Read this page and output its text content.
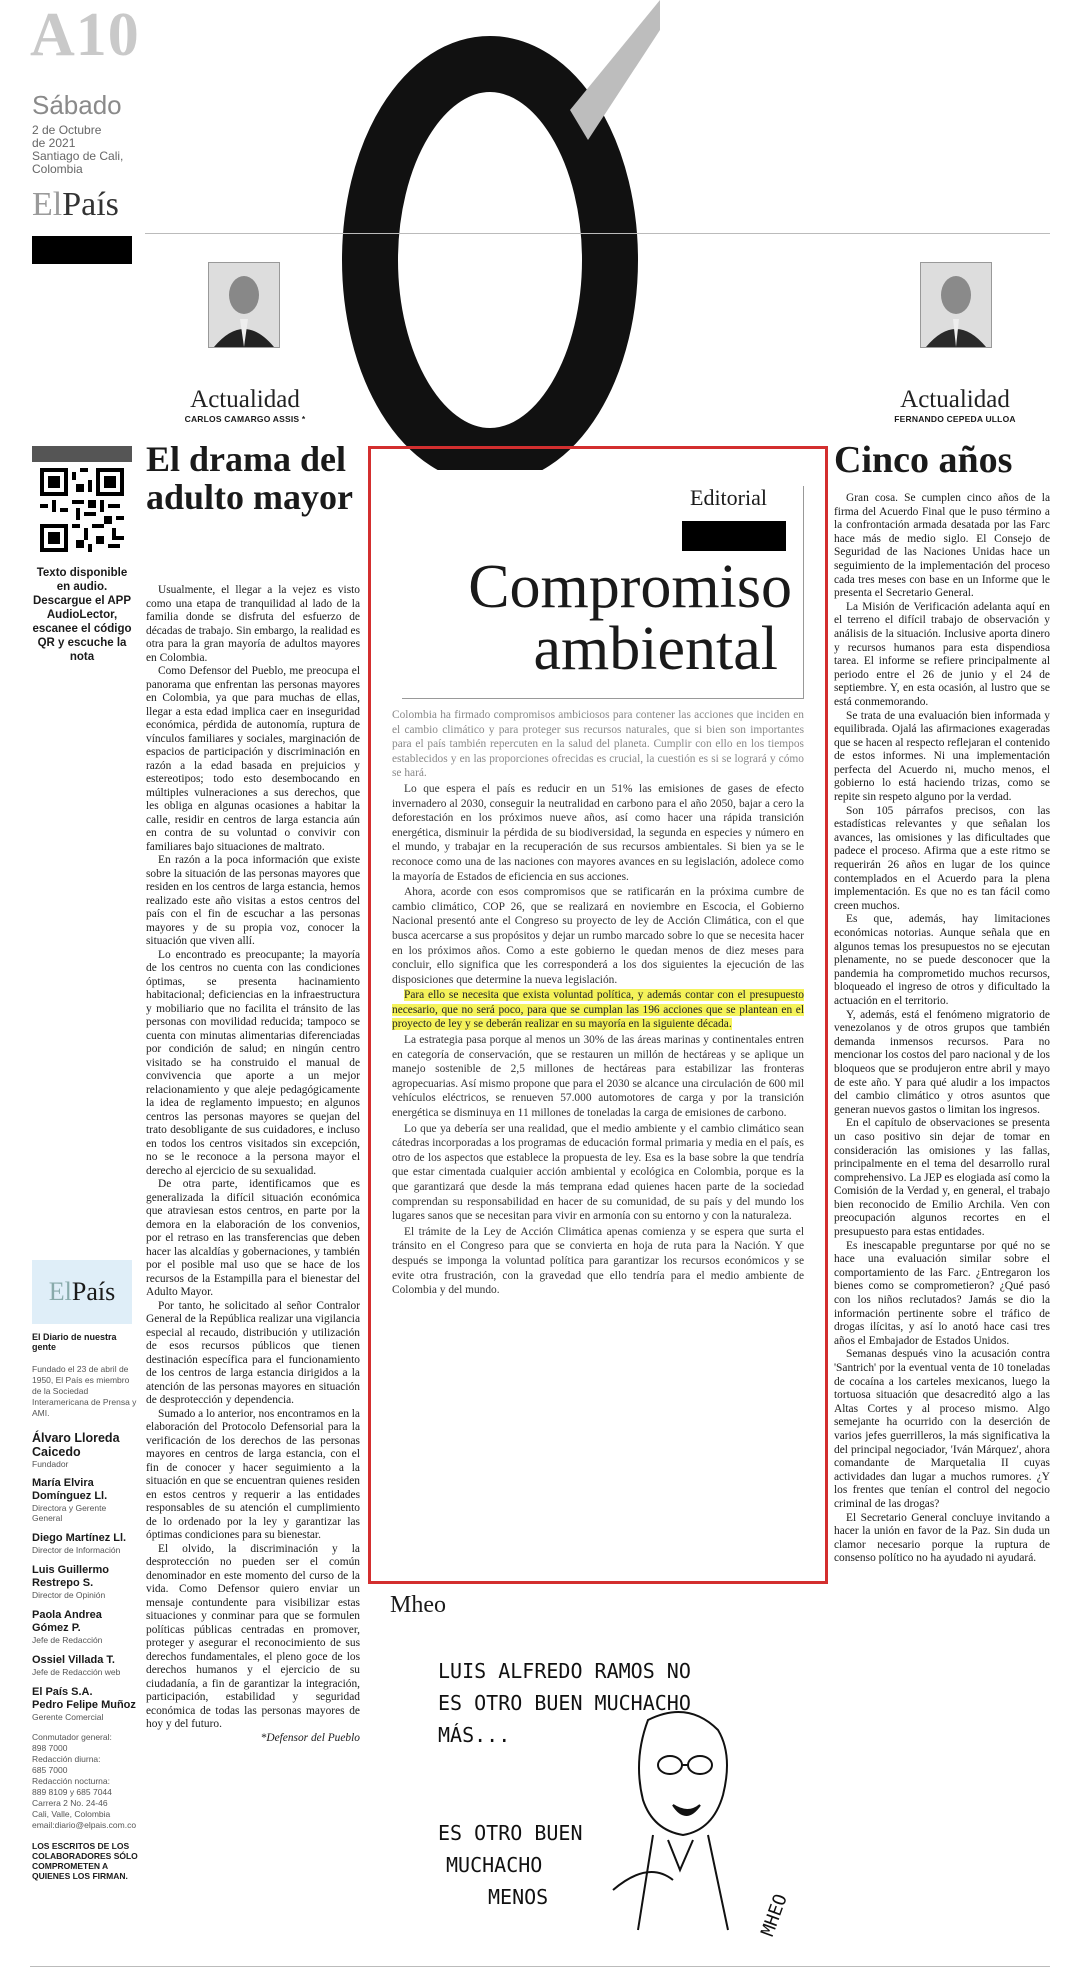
A10
Sábado
2 de Octubre
de 2021
Santiago de Cali,
Colombia
ElPaís
Actualidad
CARLOS CAMARGO ASSIS *
Actualidad
FERNANDO CEPEDA ULLOA
Texto disponible en audio. Descargue el APP AudioLector, escanee el código QR y escuche la nota
El País
El Diario de nuestra gente
Fundado el 23 de abril de 1950, El País es miembro de la Sociedad Interamericana de Prensa y AMI.
Álvaro Lloreda Caicedo
Fundador
María Elvira Domínguez Ll.
Directora y Gerente General
Diego Martínez Ll.
Director de Información
Luis Guillermo Restrepo S.
Director de Opinión
Paola Andrea Gómez P.
Jefe de Redacción
Ossiel Villada T.
Jefe de Redacción web
El País S.A.
Pedro Felipe Muñoz
Gerente Comercial
Conmutador general:
898 7000
Redacción diurna:
685 7000
Redacción nocturna:
889 8109 y 685 7044
Carrera 2 No. 24-46
Cali, Valle, Colombia
email:diario@elpais.com.co
LOS ESCRITOS DE LOS COLABORADORES SÓLO COMPROMETEN A QUIENES LOS FIRMAN.
El drama del adulto mayor

Usualmente, el llegar a la vejez es visto como una etapa de tranquilidad al lado de la familia donde se disfruta del esfuerzo de décadas de trabajo. Sin embargo, la realidad es otra para la gran mayoría de adultos mayores en Colombia.

Como Defensor del Pueblo, me preocupa el panorama que enfrentan las personas mayores en Colombia, ya que para muchas de ellas, llegar a esta edad implica caer en inseguridad económica, pérdida de autonomía, ruptura de vínculos familiares y sociales, marginación de espacios de participación y discriminación en razón a la edad basada en prejuicios y estereotipos; todo esto desembocando en múltiples vulneraciones a sus derechos, que les obliga en algunas ocasiones a habitar la calle, residir en centros de larga estancia aún en contra de su voluntad o convivir con familiares bajo situaciones de maltrato.

En razón a la poca información que existe sobre la situación de las personas mayores que residen en los centros de larga estancia, hemos realizado este año visitas a estos centros del país con el fin de escuchar a las personas mayores y de su propia voz, conocer la situación que viven allí.

Lo encontrado es preocupante; la mayoría de los centros no cuenta con las condiciones óptimas, se presenta hacinamiento habitacional; deficiencias en la infraestructura y mobiliario que no facilita el tránsito de las personas con movilidad reducida; tampoco se cuenta con minutas alimentarias diferenciadas por condición de salud; en ningún centro visitado se ha construido el manual de convivencia que aporte a un mejor relacionamiento y que aleje pedagógicamente la idea de reglamento impuesto; en algunos centros las personas mayores se quejan del trato desobligante de sus cuidadores, e incluso en todos los centros visitados sin excepción, no se le reconoce a la persona mayor el derecho al ejercicio de su sexualidad.

De otra parte, identificamos que es generalizada la difícil situación económica que atraviesan estos centros, en parte por la demora en la elaboración de los convenios, por el retraso en las transferencias que deben hacer las alcaldías y gobernaciones, y también por el posible mal uso que se hace de los recursos de la Estampilla para el bienestar del Adulto Mayor.

Por tanto, he solicitado al señor Contralor General de la República realizar una vigilancia especial al recaudo, distribución y utilización de esos recursos públicos que tienen destinación específica para el funcionamiento de los centros de larga estancia dirigidos a la atención de las personas mayores en situación de desprotección y dependencia.

Sumado a lo anterior, nos encontramos en la elaboración del Protocolo Defensorial para la verificación de los derechos de las personas mayores en centros de larga estancia, con el fin de conocer y hacer seguimiento a la situación en que se encuentran quienes residen en estos centros y requerir a las entidades responsables de su atención el cumplimiento de lo ordenado por la ley y garantizar las óptimas condiciones para su bienestar.

El olvido, la discriminación y la desprotección no pueden ser el común denominador en este momento del curso de la vida. Como Defensor quiero enviar un mensaje contundente para visibilizar estas situaciones y conminar para que se formulen políticas públicas centradas en promover, proteger y asegurar el reconocimiento de sus derechos fundamentales, el pleno goce de los derechos humanos y el ejercicio de su ciudadanía, a fin de garantizar la integración, participación, estabilidad y seguridad económica de todas las personas mayores de hoy y del futuro.

*Defensor del Pueblo
Editorial
Compromiso
ambiental

Colombia ha firmado compromisos ambiciosos para contener las acciones que inciden en el cambio climático y para proteger sus recursos naturales, que si bien son importantes para el país también repercuten en la salud del planeta. Cumplir con ello en los tiempos establecidos y en las proporciones ofrecidas es crucial, la cuestión es si se logrará y cómo se hará.

Lo que espera el país es reducir en un 51% las emisiones de gases de efecto invernadero al 2030, conseguir la neutralidad en carbono para el año 2050, bajar a cero la deforestación en los próximos nueve años, así como hacer una rápida transición energética, disminuir la pérdida de su biodiversidad, la segunda en especies y número en el mundo, y trabajar en la recuperación de sus recursos ambientales. Si bien ya se le reconoce como una de las naciones con mayores avances en su legislación, adolece como la mayoría de Estados de eficiencia en sus acciones.

Ahora, acorde con esos compromisos que se ratificarán en la próxima cumbre de cambio climático, COP 26, que se realizará en noviembre en Escocia, el Gobierno Nacional presentó ante el Congreso su proyecto de ley de Acción Climática, con el que busca acercarse a sus propósitos y dejar un rumbo marcado sobre lo que se necesita hacer en los próximos años. Como a este gobierno le quedan menos de diez meses para concluir, ello significa que les corresponderá a los dos siguientes la ejecución de las disposiciones que determine la nueva legislación.

Para ello se necesita que exista voluntad política, y además contar con el presupuesto necesario, que no será poco, para que se cumplan las 196 acciones que se plantean en el proyecto de ley y se deberán realizar en su mayoría en la siguiente década.

La estrategia pasa porque al menos un 30% de las áreas marinas y continentales entren en categoría de conservación, que se restauren un millón de hectáreas y se aplique un manejo sostenible de 2,5 millones de hectáreas para estabilizar las fronteras agropecuarias. Así mismo propone que para el 2030 se alcance una circulación de 600 mil vehículos eléctricos, se renueven 57.000 automotores de carga y por la transición energética se disminuya en 11 millones de toneladas la carga de emisiones de carbono.

Lo que ya debería ser una realidad, que el medio ambiente y el cambio climático sean cátedras incorporadas a los programas de educación formal primaria y media en el país, es otro de los aspectos que establece la propuesta de ley. Esa es la base sobre la que tendría que estar cimentada cualquier acción ambiental y ecológica en Colombia, porque es la que garantizará que desde la más temprana edad quienes hacen parte de la sociedad comprendan su responsabilidad en hacer de su comunidad, de su país y del mundo los lugares sanos que se necesitan para vivir en armonía con su entorno y con la naturaleza.

El trámite de la Ley de Acción Climática apenas comienza y se espera que surta el tránsito en el Congreso para que se convierta en hoja de ruta para la Nación. Y que después se imponga la voluntad política para garantizar los recursos económicos y se evite otra frustración, con la gravedad que ello tendría para el medio ambiente de Colombia y del mundo.

Mheo
LUIS ALFREDO RAMOS NO
ES OTRO BUEN MUCHACHO
MÁS...
ES OTRO BUEN
MUCHACHO
MENOS	MHEO
Cinco años

Gran cosa. Se cumplen cinco años de la firma del Acuerdo Final que le puso término a la confrontación armada desatada por las Farc hace más de medio siglo. El Consejo de Seguridad de las Naciones Unidas hace un seguimiento de la implementación del proceso cada tres meses con base en un Informe que le presenta el Secretario General.

La Misión de Verificación adelanta aquí en el terreno el difícil trabajo de observación y análisis de la situación. Inclusive aporta dinero y recursos humanos para esta dispendiosa tarea. El informe se refiere principalmente al periodo entre el 26 de junio y el 24 de septiembre. Y, en esta ocasión, al lustro que se está conmemorando.

Se trata de una evaluación bien informada y equilibrada. Ojalá las afirmaciones exageradas que se hacen al respecto reflejaran el contenido de estos informes. Ni una implementación perfecta del Acuerdo ni, mucho menos, el gobierno lo está haciendo trizas, como se repite sin respeto alguno por la verdad.

Son 105 párrafos precisos, con las estadísticas relevantes y que señalan los avances, las omisiones y las dificultades que padece el proceso. Afirma que a este ritmo se requerirán 26 años en lugar de los quince contemplados en el Acuerdo para la plena implementación. Es que no es tan fácil como creen muchos.

Es que, además, hay limitaciones económicas notorias. Aunque señala que en algunos temas los presupuestos no se ejecutan plenamente, no se puede desconocer que la pandemia ha comprometido muchos recursos, bloqueado el ingreso de otros y dificultado la actuación en el territorio.

Y, además, está el fenómeno migratorio de venezolanos y de otros grupos que también demanda inmensos recursos. Para no mencionar los costos del paro nacional y de los bloqueos que se produjeron entre abril y mayo de este año. Y para qué aludir a los impactos del cambio climático y otros asuntos que generan nuevos gastos o limitan los ingresos.

En el capítulo de observaciones se presenta un caso positivo sin dejar de tomar en consideración las omisiones y las fallas, principalmente en el tema del desarrollo rural comprehensivo. La JEP es elogiada así como la Comisión de la Verdad y, en general, el trabajo bien reconocido de Emilio Archila. Ven con preocupación algunos recortes en el presupuesto para estas entidades.

Es inescapable preguntarse por qué no se hace una evaluación similar sobre el comportamiento de las Farc. ¿Entregaron los bienes como se comprometieron? ¿Qué pasó con los niños reclutados? Jamás se dio la información pertinente sobre el tráfico de drogas ilícitas, y así lo anotó hace casi tres años el Embajador de Estados Unidos.

Semanas después vino la acusación contra 'Santrich' por la eventual venta de 10 toneladas de cocaína a los carteles mexicanos, luego la tortuosa situación que desacreditó algo a las Altas Cortes y al proceso mismo. Algo semejante ha ocurrido con la deserción de varios jefes guerrilleros, la más significativa la del principal negociador, 'Iván Márquez', ahora comandante de Marquetalia II cuyas actividades dan lugar a muchos rumores. ¿Y los frentes que tenían el control del negocio criminal de las drogas?

El Secretario General concluye invitando a hacer la unión en favor de la Paz. Sin duda un clamor necesario porque la ruptura de consenso político no ha ayudado ni ayudará.
